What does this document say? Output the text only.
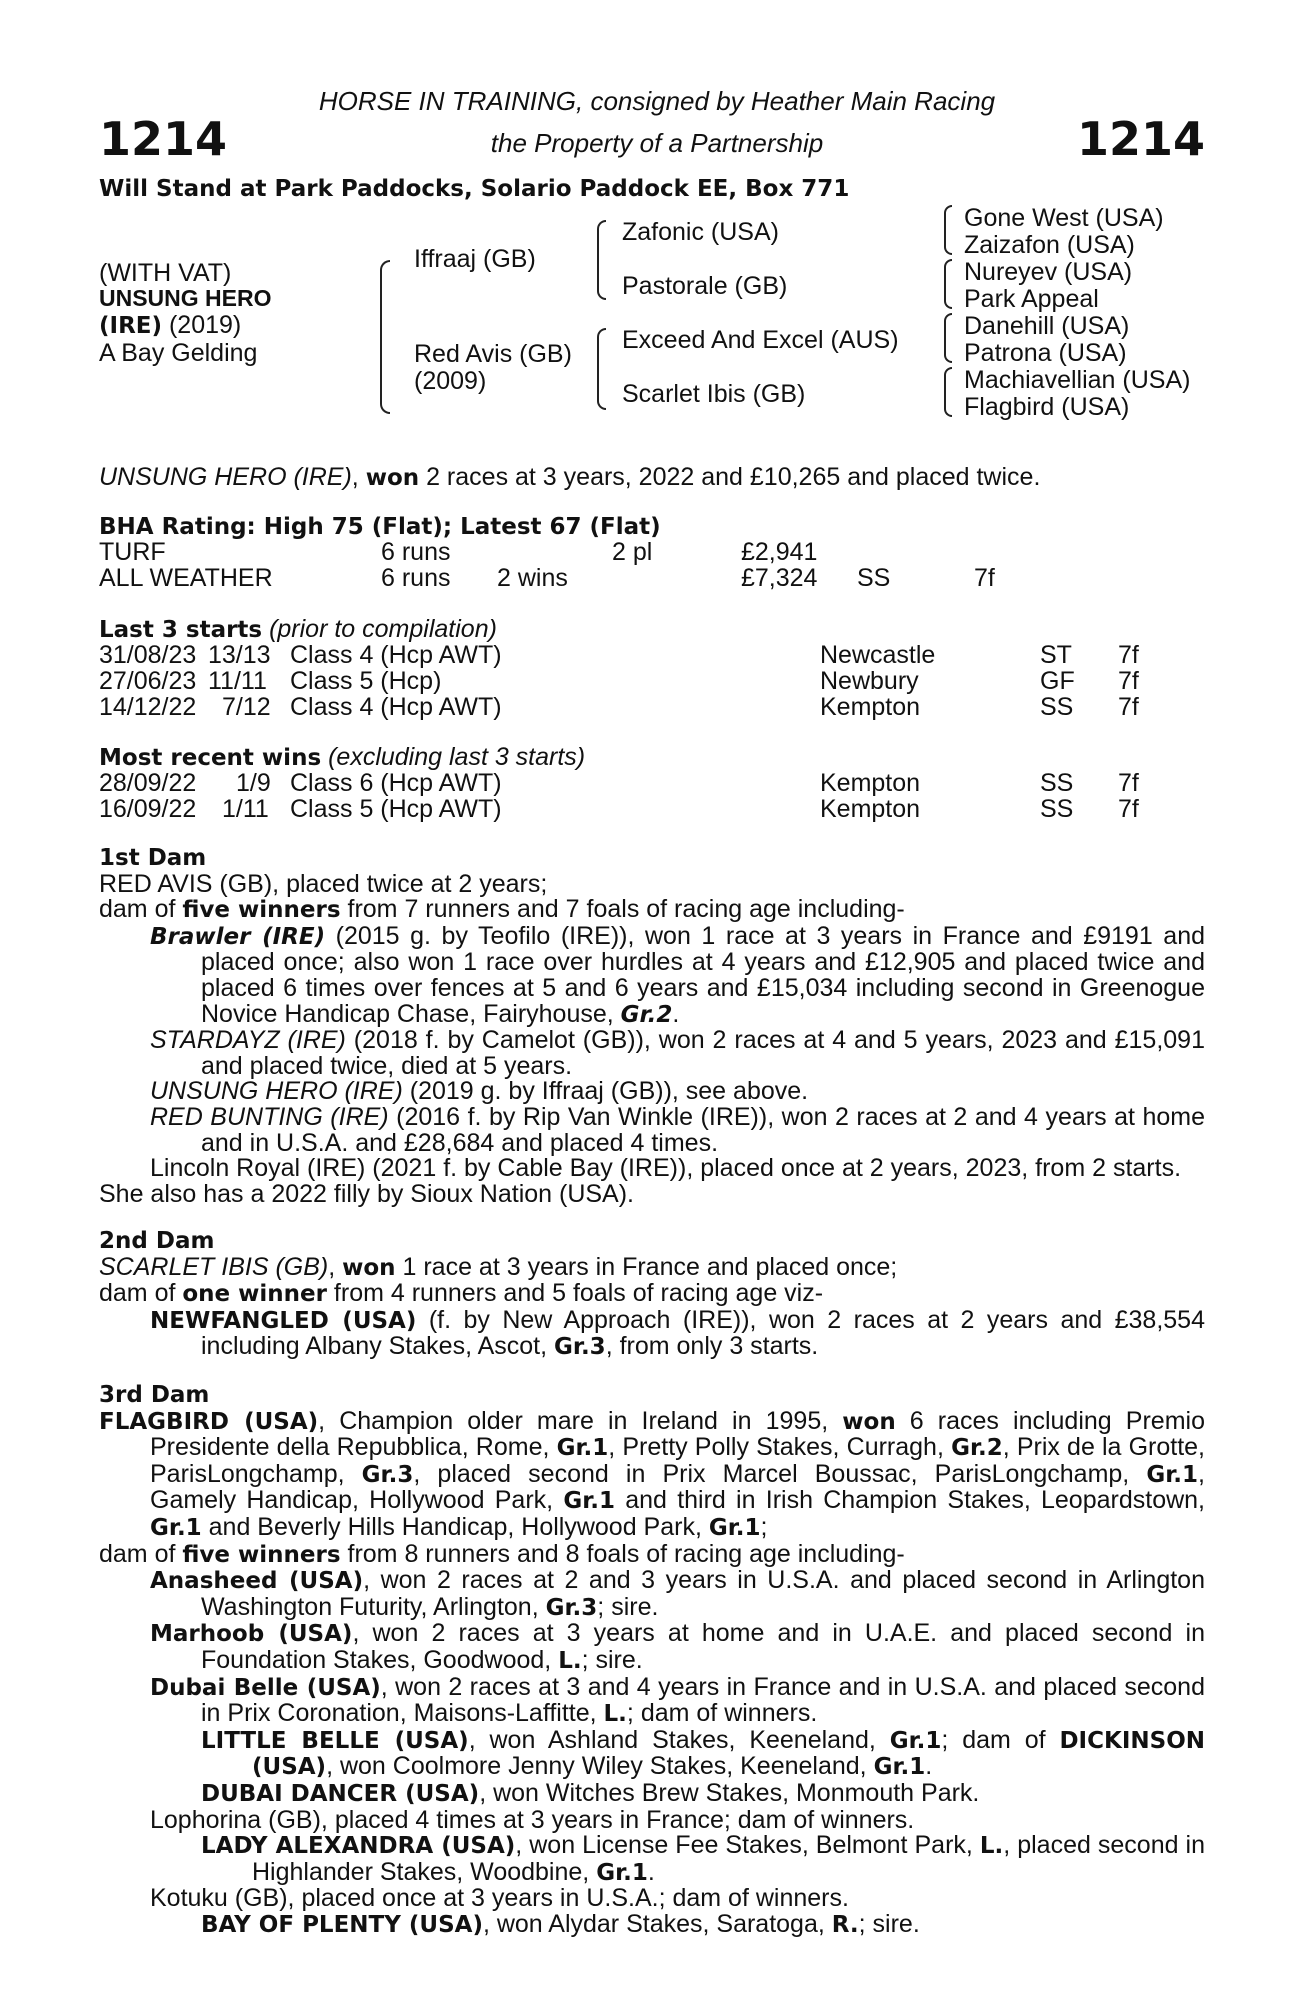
1214	1214
HORSE IN TRAINING, consigned by Heather Main Racing
the Property of a Partnership
Will Stand at Park Paddocks, Solario Paddock EE, Box 771
(WITH VAT)
UNSUNG HERO
(IRE) (2019)
A Bay Gelding
Iffraaj (GB)
Red Avis (GB)
(2009)
Zafonic (USA)
Pastorale (GB)
Exceed And Excel (AUS)
Scarlet Ibis (GB)
Gone West (USA)
Zaizafon (USA)
Nureyev (USA)
Park Appeal
Danehill (USA)
Patrona (USA)
Machiavellian (USA)
Flagbird (USA)
UNSUNG HERO (IRE), won 2 races at 3 years, 2022 and £10,265 and placed twice.
BHA Rating: High 75 (Flat); Latest 67 (Flat)
TURF	6 runs	2 pl	£2,941
ALL WEATHER	6 runs 2 wins	£7,324 SS	7f
Last 3 starts (prior to compilation)
31/08/23 13/13 Class 4 (Hcp AWT)	Newcastle	ST 7f
27/06/23 11/11 Class 5 (Hcp)	Newbury	GF 7f
14/12/22 7/12 Class 4 (Hcp AWT)	Kempton	SS 7f
Most recent wins (excluding last 3 starts)
28/09/22 1/9 Class 6 (Hcp AWT)	Kempton	SS 7f
16/09/22 1/11 Class 5 (Hcp AWT)	Kempton	SS 7f

1st Dam

RED AVIS (GB), placed twice at 2 years;

dam of five winners from 7 runners and 7 foals of racing age including-

Brawler (IRE) (2015 g. by Teofilo (IRE)), won 1 race at 3 years in France and £9191 and placed once; also won 1 race over hurdles at 4 years and £12,905 and placed twice and placed 6 times over fences at 5 and 6 years and £15,034 including second in Greenogue Novice Handicap Chase, Fairyhouse, Gr.2.

STARDAYZ (IRE) (2018 f. by Camelot (GB)), won 2 races at 4 and 5 years, 2023 and £15,091 and placed twice, died at 5 years.

UNSUNG HERO (IRE) (2019 g. by Iffraaj (GB)), see above.

RED BUNTING (IRE) (2016 f. by Rip Van Winkle (IRE)), won 2 races at 2 and 4 years at home and in U.S.A. and £28,684 and placed 4 times.

Lincoln Royal (IRE) (2021 f. by Cable Bay (IRE)), placed once at 2 years, 2023, from 2 starts.

She also has a 2022 filly by Sioux Nation (USA).

2nd Dam

SCARLET IBIS (GB), won 1 race at 3 years in France and placed once;

dam of one winner from 4 runners and 5 foals of racing age viz-

NEWFANGLED (USA) (f. by New Approach (IRE)), won 2 races at 2 years and £38,554 including Albany Stakes, Ascot, Gr.3, from only 3 starts.

3rd Dam

FLAGBIRD (USA), Champion older mare in Ireland in 1995, won 6 races including Premio Presidente della Repubblica, Rome, Gr.1, Pretty Polly Stakes, Curragh, Gr.2, Prix de la Grotte, ParisLongchamp, Gr.3, placed second in Prix Marcel Boussac, ParisLongchamp, Gr.1, Gamely Handicap, Hollywood Park, Gr.1 and third in Irish Champion Stakes, Leopardstown, Gr.1 and Beverly Hills Handicap, Hollywood Park, Gr.1;

dam of five winners from 8 runners and 8 foals of racing age including-

Anasheed (USA), won 2 races at 2 and 3 years in U.S.A. and placed second in Arlington Washington Futurity, Arlington, Gr.3; sire.

Marhoob (USA), won 2 races at 3 years at home and in U.A.E. and placed second in Foundation Stakes, Goodwood, L.; sire.

Dubai Belle (USA), won 2 races at 3 and 4 years in France and in U.S.A. and placed second in Prix Coronation, Maisons-Laffitte, L.; dam of winners.

LITTLE BELLE (USA), won Ashland Stakes, Keeneland, Gr.1; dam of DICKINSON (USA), won Coolmore Jenny Wiley Stakes, Keeneland, Gr.1.

DUBAI DANCER (USA), won Witches Brew Stakes, Monmouth Park.

Lophorina (GB), placed 4 times at 3 years in France; dam of winners.

LADY ALEXANDRA (USA), won License Fee Stakes, Belmont Park, L., placed second in Highlander Stakes, Woodbine, Gr.1.

Kotuku (GB), placed once at 3 years in U.S.A.; dam of winners.

BAY OF PLENTY (USA), won Alydar Stakes, Saratoga, R.; sire.
